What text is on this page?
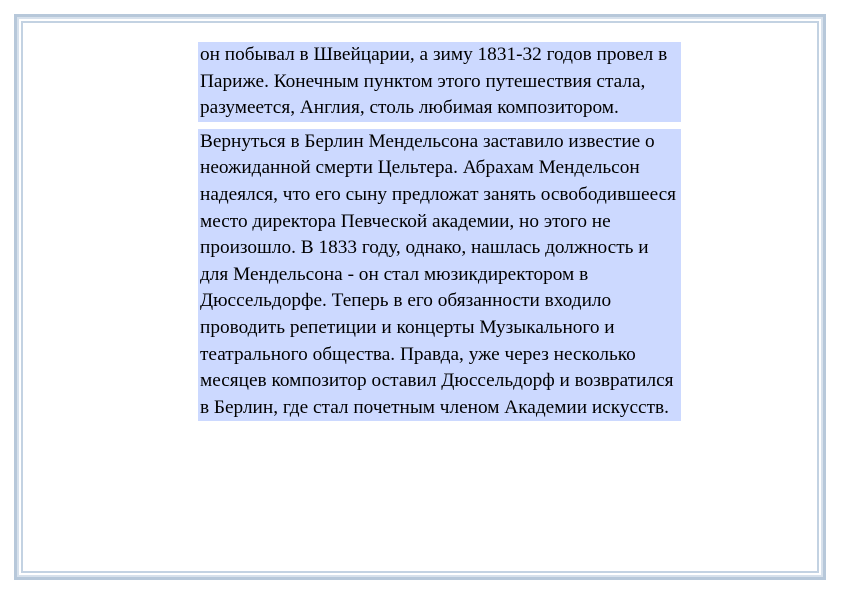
он побывал в Швейцарии, а зиму 1831-32 годов провел в Париже. Конечным пунктом этого путешествия стала, разумеется, Англия, столь любимая композитором.

Вернуться в Берлин Мендельсона заставило известие о неожиданной смерти Цельтера. Абрахам Мендельсон надеялся, что его сыну предложат занять освободившееся место директора Певческой академии, но этого не произошло. В 1833 году, однако, нашлась должность и для Мендельсона - он стал мюзикдиректором в Дюссельдорфе. Теперь в его обязанности входило проводить репетиции и концерты Музыкального и театрального общества. Правда, уже через несколько месяцев композитор оставил Дюссельдорф и возвратился в Берлин, где стал почетным членом Академии искусств.
